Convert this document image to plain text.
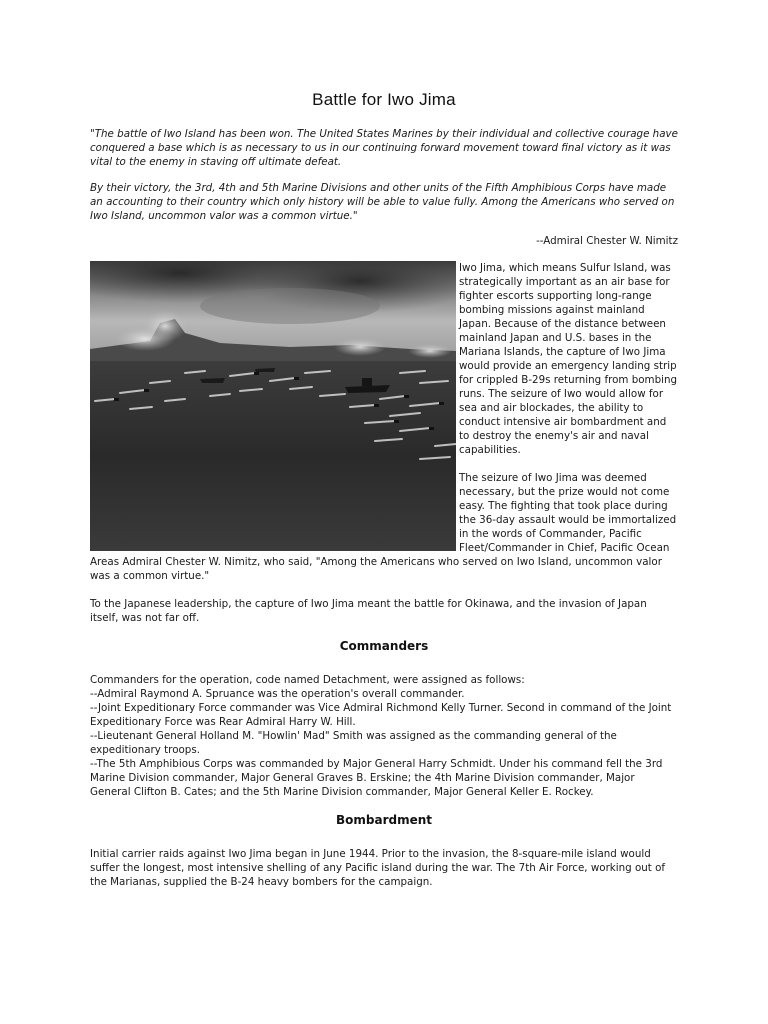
Battle for Iwo Jima

"The battle of Iwo Island has been won. The United States Marines by their individual and collective courage have conquered a base which is as necessary to us in our continuing forward movement toward final victory as it was vital to the enemy in staving off ultimate defeat.

By their victory, the 3rd, 4th and 5th Marine Divisions and other units of the Fifth Amphibious Corps have made an accounting to their country which only history will be able to value fully. Among the Americans who served on Iwo Island, uncommon valor was a common virtue."

--Admiral Chester W. Nimitz

Iwo Jima, which means Sulfur Island, was strategically important as an air base for fighter escorts supporting long-range bombing missions against mainland Japan. Because of the distance between mainland Japan and U.S. bases in the Mariana Islands, the capture of Iwo Jima would provide an emergency landing strip for crippled B-29s returning from bombing runs. The seizure of Iwo would allow for sea and air blockades, the ability to conduct intensive air bombardment and to destroy the enemy's air and naval capabilities.

The seizure of Iwo Jima was deemed necessary, but the prize would not come easy. The fighting that took place during the 36-day assault would be immortalized in the words of Commander, Pacific Fleet/Commander in Chief, Pacific Ocean Areas Admiral Chester W. Nimitz, who said, "Among the Americans who served on Iwo Island, uncommon valor was a common virtue."

To the Japanese leadership, the capture of Iwo Jima meant the battle for Okinawa, and the invasion of Japan itself, was not far off.

Commanders

Commanders for the operation, code named Detachment, were assigned as follows:
--Admiral Raymond A. Spruance was the operation's overall commander.
--Joint Expeditionary Force commander was Vice Admiral Richmond Kelly Turner. Second in command of the Joint Expeditionary Force was Rear Admiral Harry W. Hill.
--Lieutenant General Holland M. "Howlin' Mad" Smith was assigned as the commanding general of the expeditionary troops.
--The 5th Amphibious Corps was commanded by Major General Harry Schmidt. Under his command fell the 3rd Marine Division commander, Major General Graves B. Erskine; the 4th Marine Division commander, Major General Clifton B. Cates; and the 5th Marine Division commander, Major General Keller E. Rockey.

Bombardment

Initial carrier raids against Iwo Jima began in June 1944. Prior to the invasion, the 8-square-mile island would suffer the longest, most intensive shelling of any Pacific island during the war. The 7th Air Force, working out of the Marianas, supplied the B-24 heavy bombers for the campaign.
